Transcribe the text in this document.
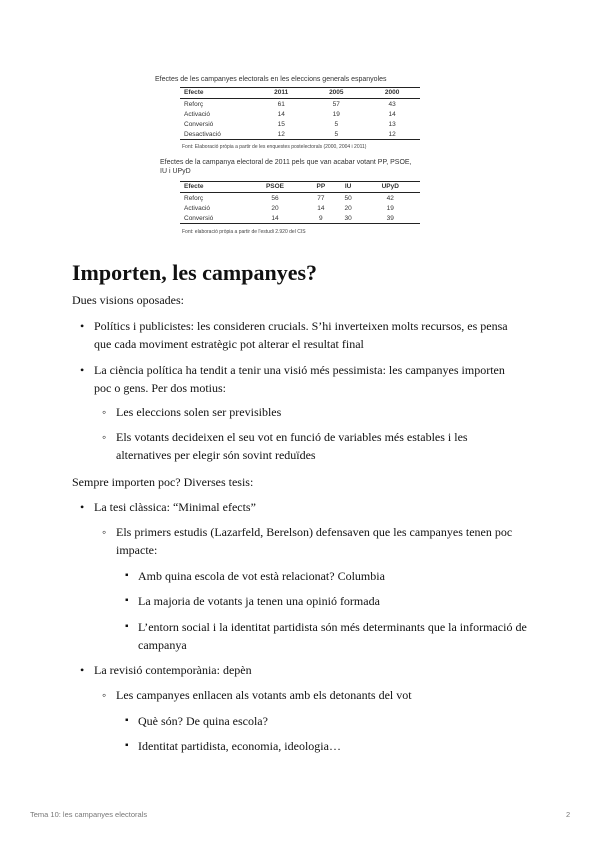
Efectes de les campanyes electorals en les eleccions generals espanyoles
Efecte	2011	2005	2000
Reforç	61	57	43
Activació	14	19	14
Conversió	15	5	13
Desactivació	12	5	12
Font: Elaboració pròpia a partir de les enquestes postelectorals (2000, 2004 i 2011)
Efectes de la campanya electoral de 2011 pels que van acabar votant PP, PSOE,
IU i UPyD
Efecte	PSOE	PP	IU	UPyD
Reforç	56	77	50	42
Activació	20	14	20	19
Conversió	14	9	30	39
Font: elaboració pròpia a partir de l'estudi 2.920 del CIS
Importen, les campanyes?
Dues visions oposades:
• Polítics i publicistes: les consideren crucials. S’hi inverteixen molts recursos, es pensa
que cada moviment estratègic pot alterar el resultat final
• La ciència política ha tendit a tenir una visió més pessimista: les campanyes importen
poc o gens. Per dos motius:
◦ Les eleccions solen ser previsibles
◦ Els votants decideixen el seu vot en funció de variables més estables i les
alternatives per elegir són sovint reduïdes
Sempre importen poc? Diverses tesis:
• La tesi clàssica: “Minimal efects”
◦ Els primers estudis (Lazarfeld, Berelson) defensaven que les campanyes tenen poc
impacte:
▪ Amb quina escola de vot està relacionat? Columbia
▪ La majoria de votants ja tenen una opinió formada
▪ L’entorn social i la identitat partidista són més determinants que la informació de
campanya
• La revisió contemporània: depèn
◦ Les campanyes enllacen als votants amb els detonants del vot
▪ Què són? De quina escola?
▪ Identitat partidista, economia, ideologia…
Tema 10: les campanyes electorals	2
